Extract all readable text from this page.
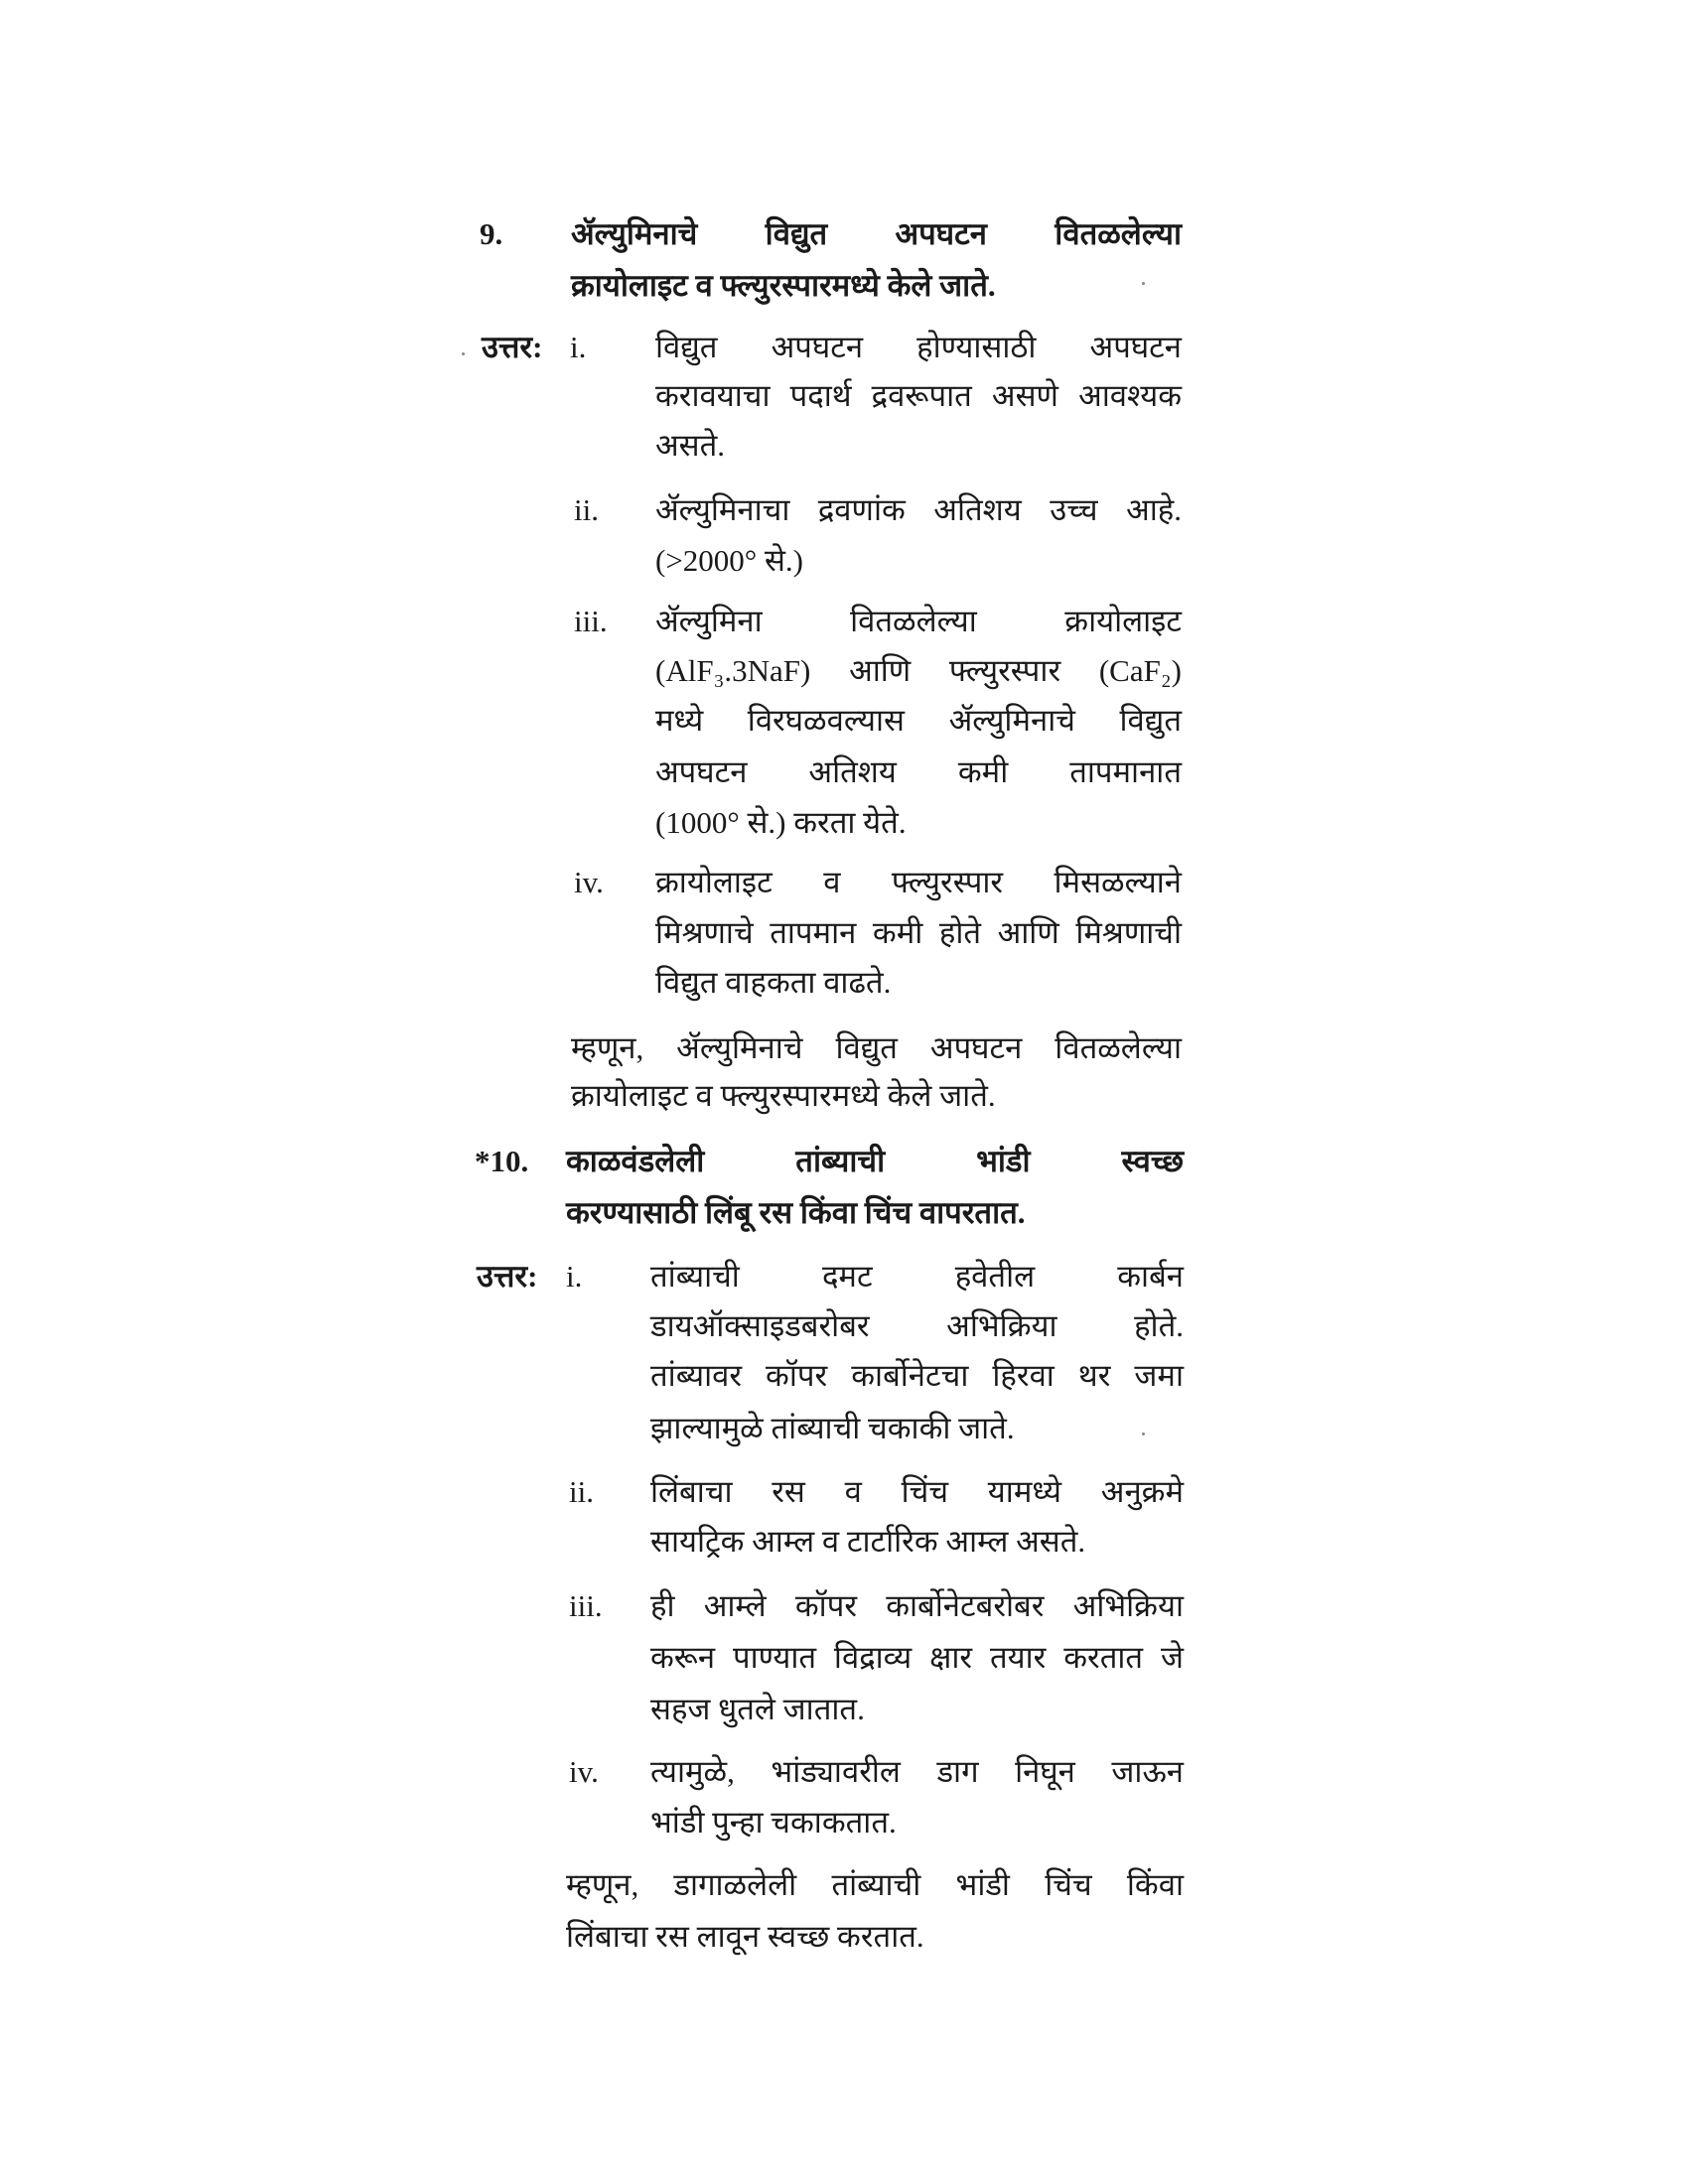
9. ॲल्युमिनाचे विद्युत अपघटन वितळलेल्या
क्रायोलाइट व फ्ल्युरस्पारमध्ये केले जाते.
उत्तर: i. विद्युत अपघटन होण्यासाठी अपघटन
करावयाचा पदार्थ द्रवरूपात असणे आवश्यक
असते.
ii. ॲल्युमिनाचा द्रवणांक अतिशय उच्च आहे.
(>2000° से.)
iii. ॲल्युमिना वितळलेल्या क्रायोलाइट
(AlF₃.3NaF) आणि फ्ल्युरस्पार (CaF₂)
मध्ये विरघळवल्यास ॲल्युमिनाचे विद्युत
अपघटन अतिशय कमी तापमानात
(1000° से.) करता येते.
iv. क्रायोलाइट व फ्ल्युरस्पार मिसळल्याने
मिश्रणाचे तापमान कमी होते आणि मिश्रणाची
विद्युत वाहकता वाढते.
म्हणून, ॲल्युमिनाचे विद्युत अपघटन वितळलेल्या
क्रायोलाइट व फ्ल्युरस्पारमध्ये केले जाते.
*10. काळवंडलेली तांब्याची भांडी स्वच्छ
करण्यासाठी लिंबू रस किंवा चिंच वापरतात.
उत्तर: i. तांब्याची दमट हवेतील कार्बन
डायऑक्साइडबरोबर अभिक्रिया होते.
तांब्यावर कॉपर कार्बोनेटचा हिरवा थर जमा
झाल्यामुळे तांब्याची चकाकी जाते.
ii. लिंबाचा रस व चिंच यामध्ये अनुक्रमे
सायट्रिक आम्ल व टार्टारिक आम्ल असते.
iii. ही आम्ले कॉपर कार्बोनेटबरोबर अभिक्रिया
करून पाण्यात विद्राव्य क्षार तयार करतात जे
सहज धुतले जातात.
iv. त्यामुळे, भांड्यावरील डाग निघून जाऊन
भांडी पुन्हा चकाकतात.
म्हणून, डागाळलेली तांब्याची भांडी चिंच किंवा
लिंबाचा रस लावून स्वच्छ करतात.
